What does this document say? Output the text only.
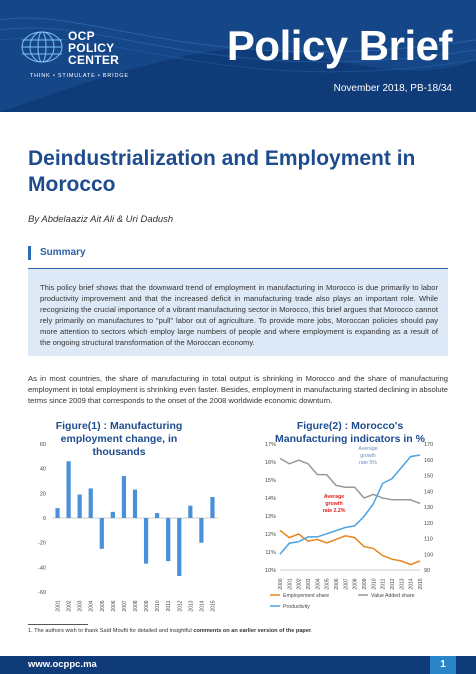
OCP
POLICY
CENTER
THINK • STIMULATE • BRIDGE
Policy Brief
November 2018, PB-18/34
Deindustrialization and Employment in Morocco
By Abdelaaziz Ait Ali & Uri Dadush
Summary

This policy brief shows that the downward trend of employment in manufacturing in Morocco is due primarily to labor productivity improvement and that the increased deficit in manufacturing trade also plays an important role. While recognizing the crucial importance of a vibrant manufacturing sector in Morocco, this brief argues that Morocco cannot rely primarily on manufactures to "pull" labor out of agriculture. To provide more jobs, Moroccan policies should pay more attention to sectors which employ large numbers of people and where employment is expanding as a result of the ongoing structural transformation of the Moroccan economy.

As in most countries, the share of manufacturing in total output is shrinking in Morocco and the share of manufacturing employment in total employment is shrinking even faster. Besides, employment in manufacturing started declining in absolute terms since 2009 that corresponds to the onset of the 2008 worldwide economic downturn.

Figure(1) : Manufacturing employment change, in thousands
Figure(2) : Morocco's Manufacturing indicators in %
60
40
20
0
-20
-40
-60
2001 2002 2003 2004 2005 2006 2007 2008 2009 2010 2011 2012 2013 2014 2015
17%
16%
15%
14%
13%
12%
11%
10%
170
160
150
140
130
120
110
100
90
2000 2001 2002 2003 2004 2005 2006 2007 2008 2009 2010 2011 2012 2013 2014 2015
Average
growth
rate 5%
Average
growth
rate 2.2%
Employement share	Value Added share
Productivity
1. The authors wish to thank Saïd Moufti for detailed and insightful comments on an earlier version of the paper.
www.ocppc.ma	1
